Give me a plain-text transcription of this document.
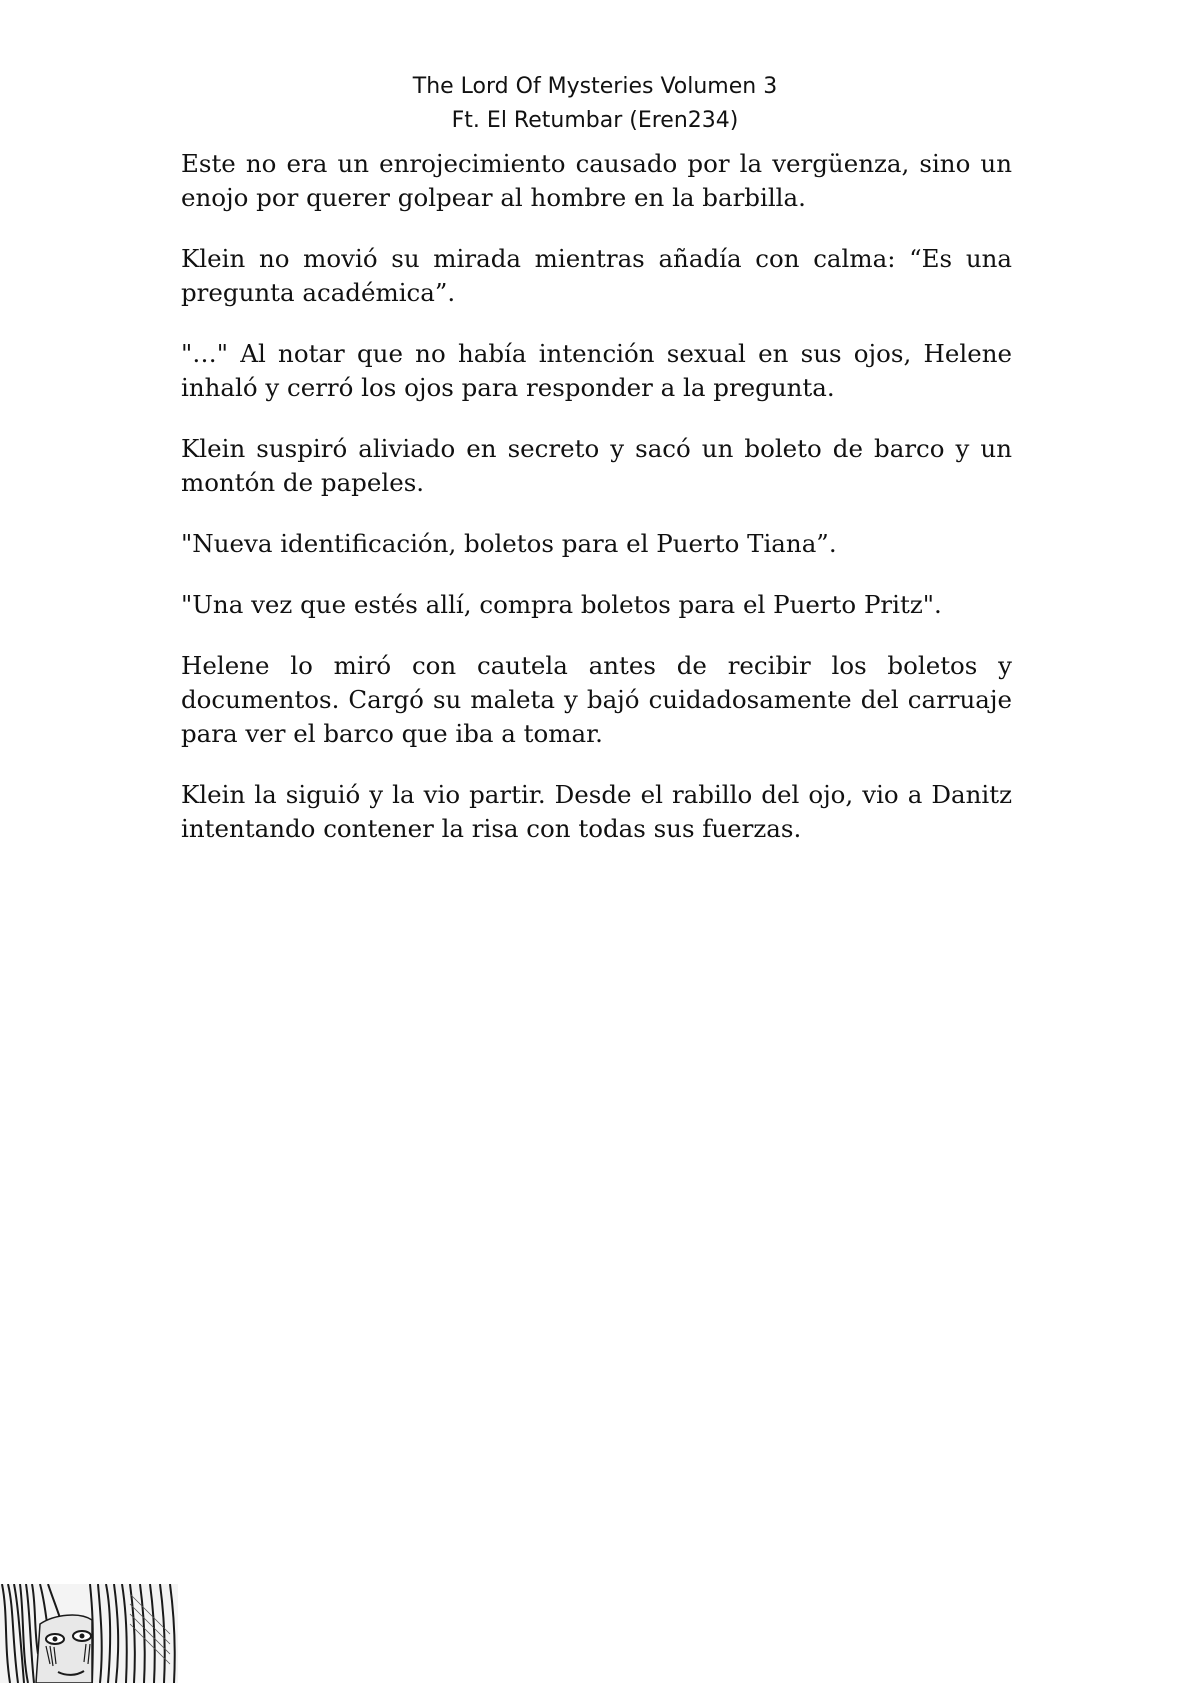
The Lord Of Mysteries Volumen 3
Ft. El Retumbar (Eren234)

Este no era un enrojecimiento causado por la vergüenza, sino un enojo por querer golpear al hombre en la barbilla.

Klein no movió su mirada mientras añadía con calma: “Es una pregunta académica”.

"…" Al notar que no había intención sexual en sus ojos, Helene inhaló y cerró los ojos para responder a la pregunta.

Klein suspiró aliviado en secreto y sacó un boleto de barco y un montón de papeles.

"Nueva identificación, boletos para el Puerto Tiana”.

"Una vez que estés allí, compra boletos para el Puerto Pritz".

Helene lo miró con cautela antes de recibir los boletos y documentos. Cargó su maleta y bajó cuidadosamente del carruaje para ver el barco que iba a tomar.

Klein la siguió y la vio partir. Desde el rabillo del ojo, vio a Danitz intentando contener la risa con todas sus fuerzas.
